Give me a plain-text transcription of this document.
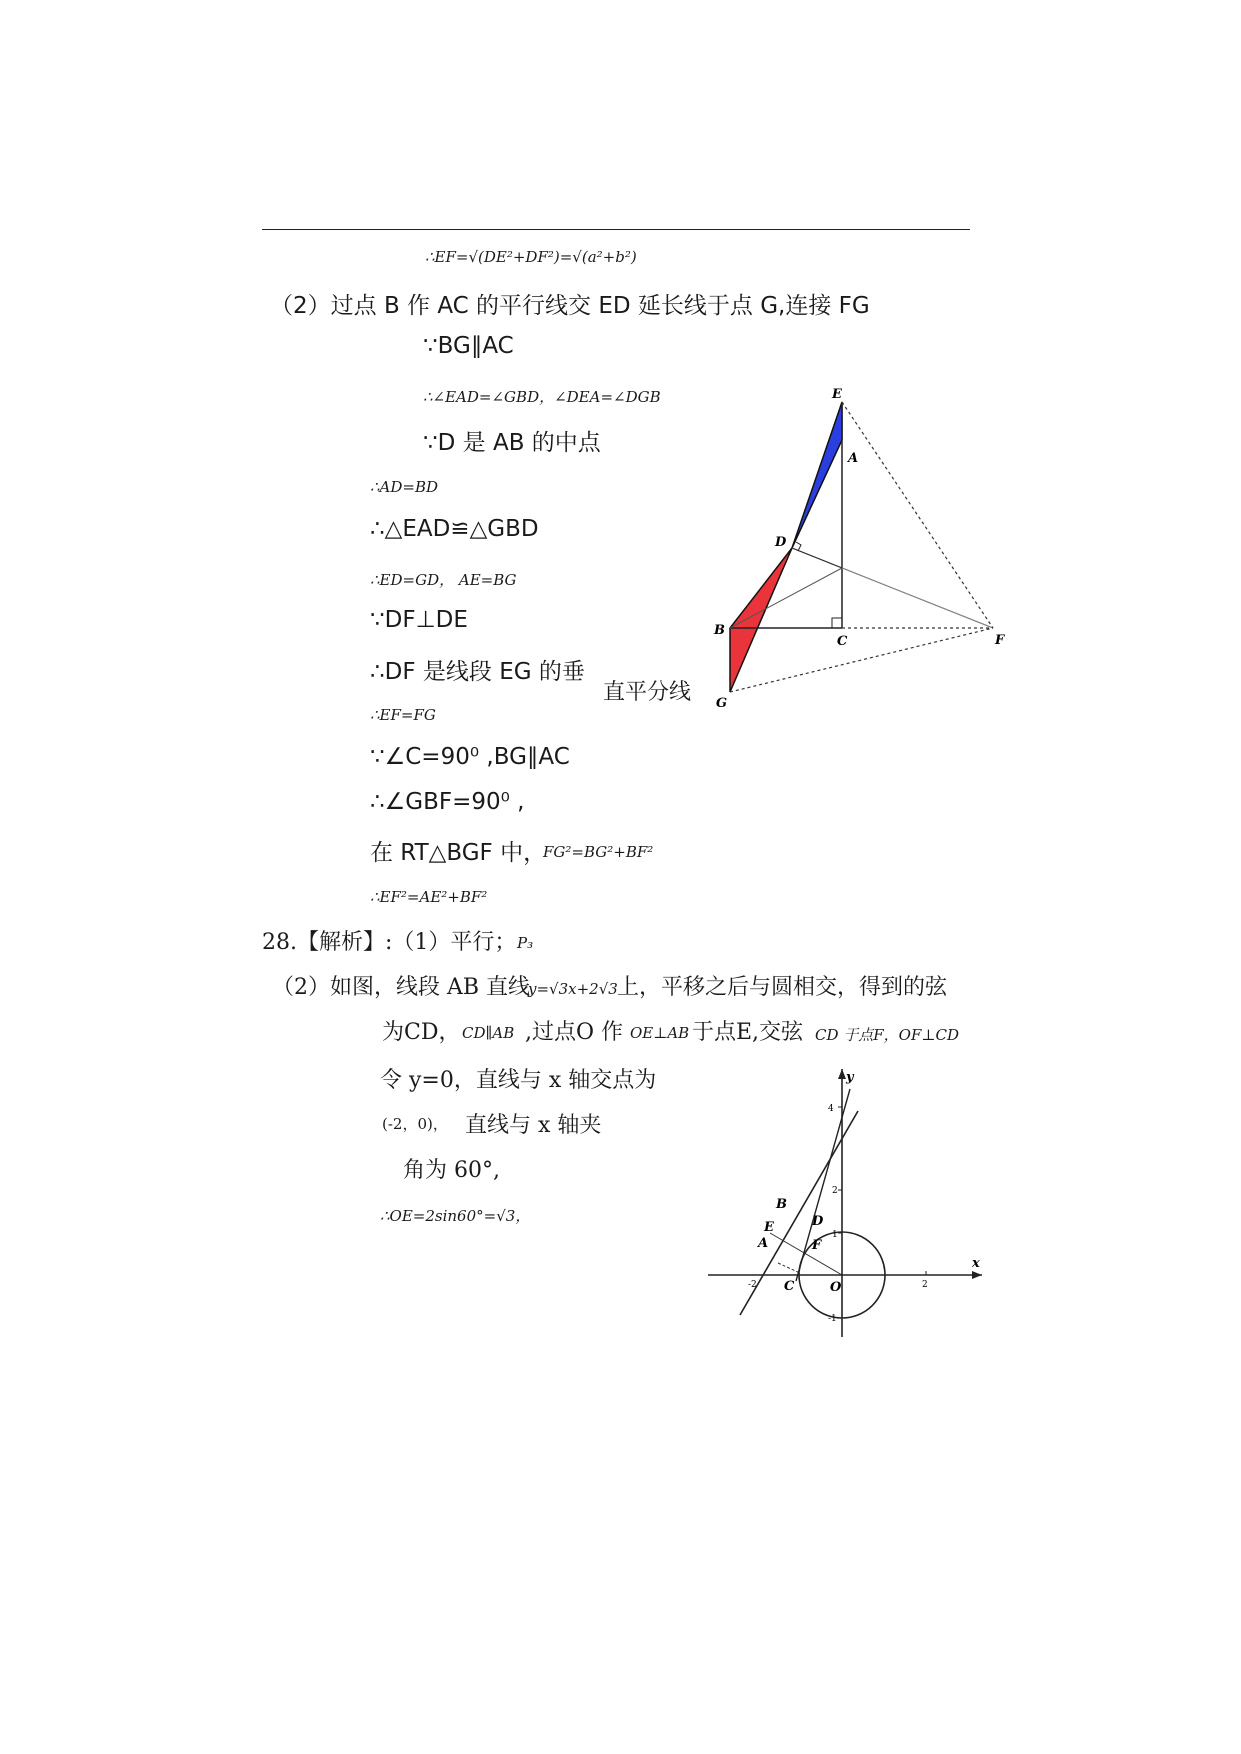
∴EF=√(DE²+DF²)=√(a²+b²)
（2）过点 B 作 AC 的平行线交 ED 延长线于点 G,连接 FG
∵BG∥AC
∴∠EAD=∠GBD，∠DEA=∠DGB
∵D 是 AB 的中点
∴AD=BD
∴△EAD≌△GBD
∴ED=GD， AE=BG
∵DF⊥DE
∴DF 是线段 EG 的垂
直平分线
∴EF=FG
∵∠C=90⁰ ,BG∥AC
∴∠GBF=90⁰ ,
在 RT△BGF 中，
FG²=BG²+BF²
∴EF²=AE²+BF²
28.【解析】:（1）平行； P₃
（2）如图，线段 AB 直线
y=√3x+2√3 上，平移之后与圆相交，得到的弦
为CD， CD∥AB ,过点O 作 OE⊥AB 于点E,交弦 CD 于点F，OF⊥CD
令 y=0，直线与 x 轴交点为
(-2，0)， 直线与 x 轴夹
角为 60°,
∴OE=2sin60°=√3，
E
A
D
B
C	F
G
y
x
4
2
1
2
-2
-1
B
D
E
A	F
C	O
